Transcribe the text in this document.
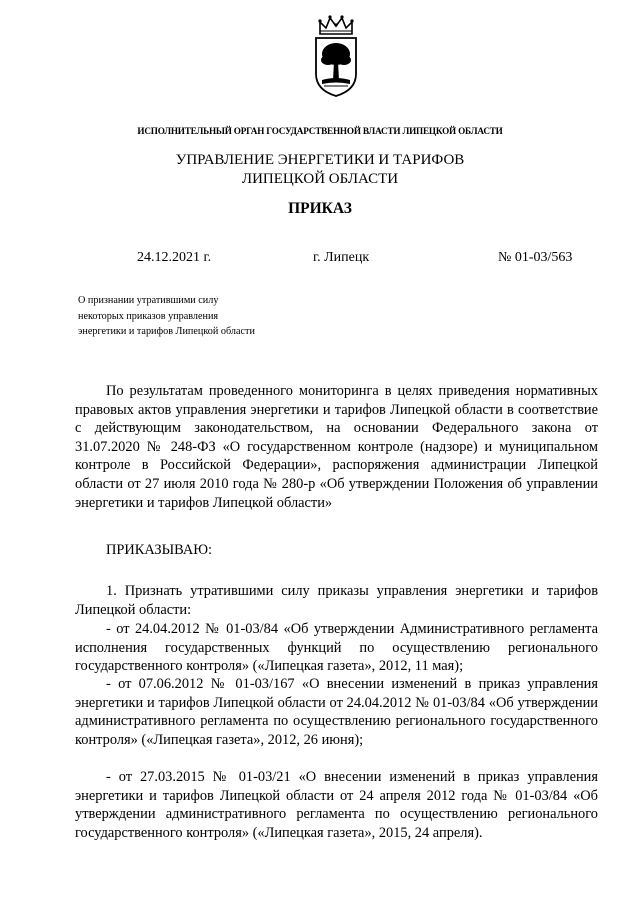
ИСПОЛНИТЕЛЬНЫЙ ОРГАН ГОСУДАРСТВЕННОЙ ВЛАСТИ ЛИПЕЦКОЙ ОБЛАСТИ
УПРАВЛЕНИЕ ЭНЕРГЕТИКИ И ТАРИФОВ
ЛИПЕЦКОЙ ОБЛАСТИ
ПРИКАЗ
24.12.2021 г.	г. Липецк	№ 01-03/563
О признании утратившими силу
некоторых приказов управления
энергетики и тарифов Липецкой области
По результатам проведенного мониторинга в целях приведения нормативных правовых актов управления энергетики и тарифов Липецкой области в соответствие с действующим законодательством, на основании Федерального закона от 31.07.2020 № 248-ФЗ «О государственном контроле (надзоре) и муниципальном контроле в Российской Федерации», распоряжения администрации Липецкой области от 27 июля 2010 года № 280-р «Об утверждении Положения об управлении энергетики и тарифов Липецкой области»
ПРИКАЗЫВАЮ:
1. Признать утратившими силу приказы управления энергетики и тарифов Липецкой области:
- от 24.04.2012 № 01-03/84 «Об утверждении Административного регламента исполнения государственных функций по осуществлению регионального государственного контроля» («Липецкая газета», 2012, 11 мая);
- от 07.06.2012 № 01-03/167 «О внесении изменений в приказ управления энергетики и тарифов Липецкой области от 24.04.2012 № 01-03/84 «Об утверждении административного регламента по осуществлению регионального государственного контроля» («Липецкая газета», 2012, 26 июня);
- от 27.03.2015 № 01-03/21 «О внесении изменений в приказ управления энергетики и тарифов Липецкой области от 24 апреля 2012 года № 01-03/84 «Об утверждении административного регламента по осуществлению регионального государственного контроля» («Липецкая газета», 2015, 24 апреля).
